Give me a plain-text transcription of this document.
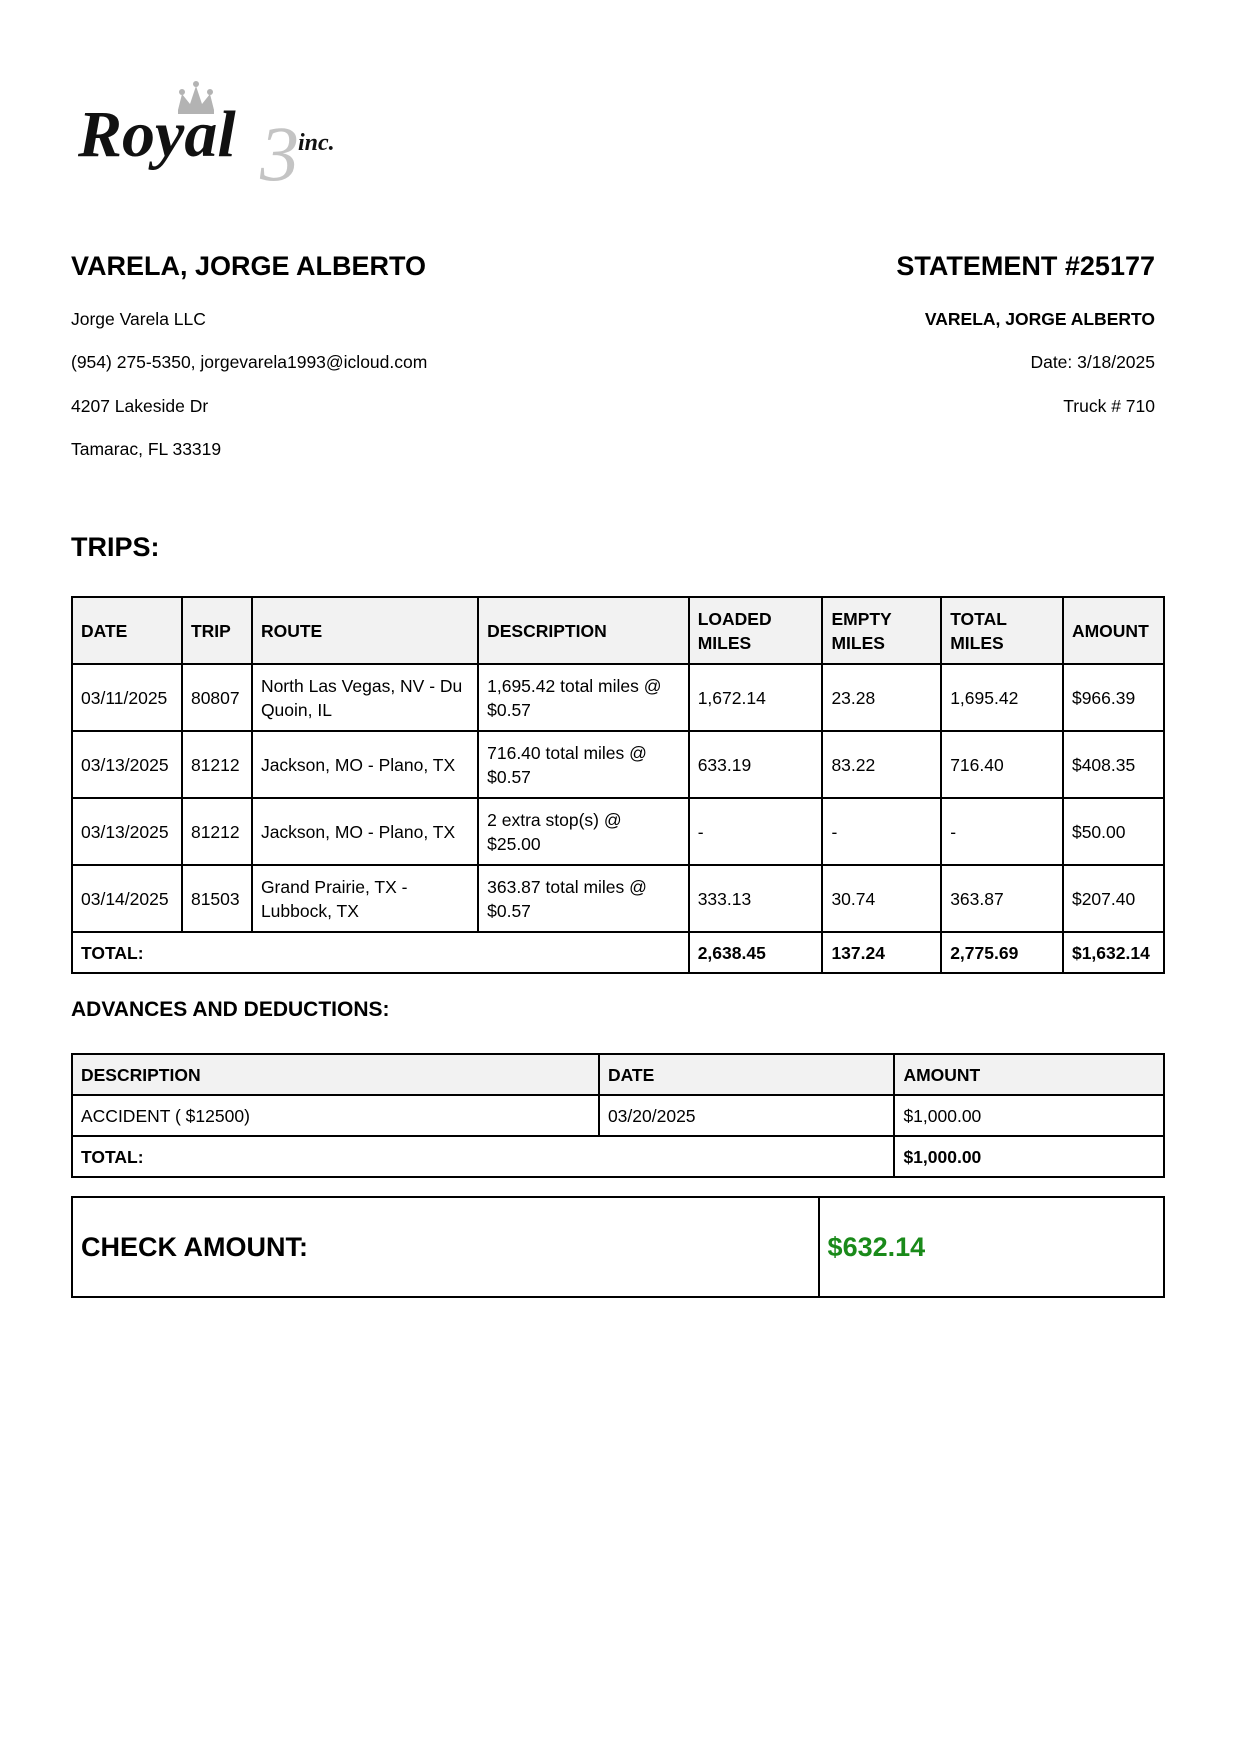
3
Royal	inc.

VARELA, JORGE ALBERTO

Jorge Varela LLC

(954) 275-5350, jorgevarela1993@icloud.com

4207 Lakeside Dr

Tamarac, FL 33319

STATEMENT #25177

VARELA, JORGE ALBERTO

Date: 3/18/2025

Truck # 710

TRIPS:

DATE	TRIP	ROUTE	DESCRIPTION	LOADED MILES	EMPTY MILES	TOTAL MILES	AMOUNT
03/11/2025	80807	North Las Vegas, NV - Du Quoin, IL	1,695.42 total miles @ $0.57	1,672.14	23.28	1,695.42	$966.39
03/13/2025	81212	Jackson, MO - Plano, TX	716.40 total miles @ $0.57	633.19	83.22	716.40	$408.35
03/13/2025	81212	Jackson, MO - Plano, TX	2 extra stop(s) @ $25.00	-	-	-	$50.00
03/14/2025	81503	Grand Prairie, TX - Lubbock, TX	363.87 total miles @ $0.57	333.13	30.74	363.87	$207.40
TOTAL:				2,638.45	137.24	2,775.69	$1,632.14

ADVANCES AND DEDUCTIONS:

DESCRIPTION	DATE	AMOUNT
ACCIDENT ( $12500)	03/20/2025	$1,000.00
TOTAL:		$1,000.00
CHECK AMOUNT:	$632.14
